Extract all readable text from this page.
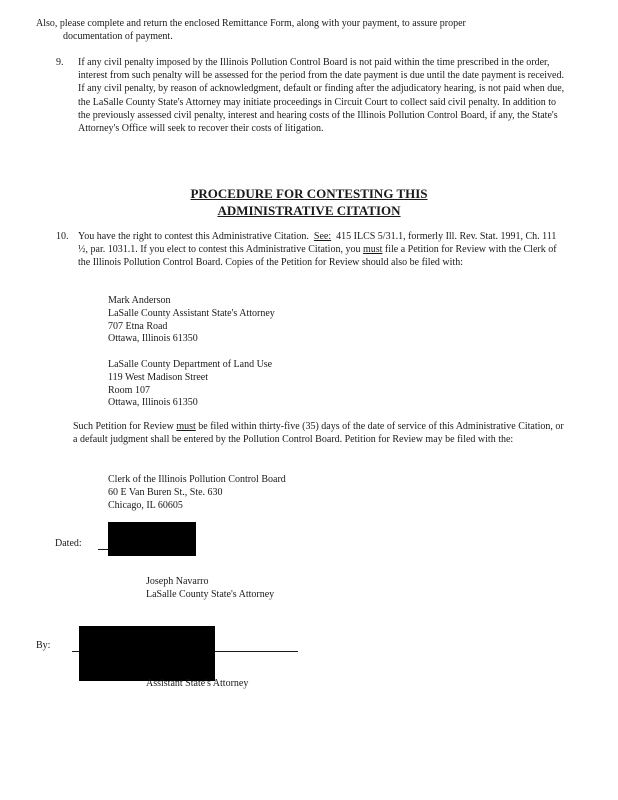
Also, please complete and return the enclosed Remittance Form, along with your payment, to assure proper
documentation of payment.

9.	If any civil penalty imposed by the Illinois Pollution Control Board is not paid within the time prescribed in the order, interest from such penalty will be assessed for the period from the date payment is due until the date payment is received. If any civil penalty, by reason of acknowledgment, default or finding after the adjudicatory hearing, is not paid when due, the LaSalle County State's Attorney may initiate proceedings in Circuit Court to collect said civil penalty. In addition to the previously assessed civil penalty, interest and hearing costs of the Illinois Pollution Control Board, if any, the State's Attorney's Office will seek to recover their costs of litigation.
PROCEDURE FOR CONTESTING THIS
ADMINISTRATIVE CITATION
10. You have the right to contest this Administrative Citation. See: 415 ILCS 5/31.1, formerly Ill. Rev. Stat. 1991, Ch. 111 ½, par. 1031.1. If you elect to contest this Administrative Citation, you must file a Petition for Review with the Clerk of the Illinois Pollution Control Board. Copies of the Petition for Review should also be filed with:
Mark Anderson
LaSalle County Assistant State's Attorney
707 Etna Road
Ottawa, Illinois 61350
LaSalle County Department of Land Use
119 West Madison Street
Room 107
Ottawa, Illinois 61350
Such Petition for Review must be filed within thirty-five (35) days of the date of service of this Administrative Citation, or a default judgment shall be entered by the Pollution Control Board. Petition for Review may be filed with the:
Clerk of the Illinois Pollution Control Board
60 E Van Buren St., Ste. 630
Chicago, IL 60605
Dated:
Joseph Navarro
LaSalle County State's Attorney
By:
Assistant State's Attorney
